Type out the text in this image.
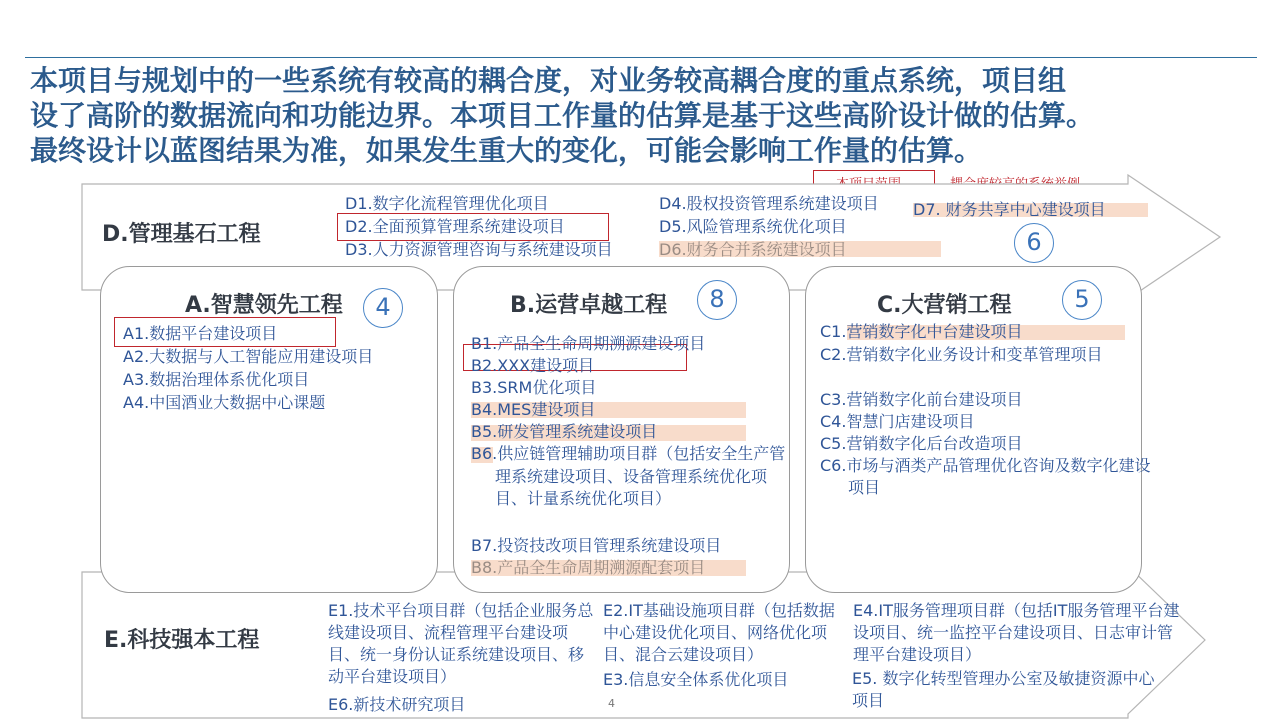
本项目与规划中的一些系统有较高的耦合度，对业务较高耦合度的重点系统，项目组
设了高阶的数据流向和功能边界。本项目工作量的估算是基于这些高阶设计做的估算。
最终设计以蓝图结果为准，如果发生重大的变化，可能会影响工作量的估算。
D.管理基石工程
D1.数字化流程管理优化项目
D2.全面预算管理系统建设项目
D3.人力资源管理咨询与系统建设项目
D4.股权投资管理系统建设项目
D5.风险管理系统优化项目
D6.财务合并系统建设项目
D7. 财务共享中心建设项目
6
E.科技强本工程
A.智慧领先工程	4
A1.数据平台建设项目
A2.大数据与人工智能应用建设项目
A3.数据治理体系优化项目
A4.中国酒业大数据中心课题
B.运营卓越工程	8
B1.产品全生命周期溯源建设项目
B2.XXX建设项目
B3.SRM优化项目
B4.MES建设项目
B5.研发管理系统建设项目
B6.供应链管理辅助项目群（包括安全生产管理系统建设项目、设备管理系统优化项目、计量系统优化项目）
B7.投资技改项目管理系统建设项目
B8.产品全生命周期溯源配套项目
C.大营销工程	5
C1.营销数字化中台建设项目
C2.营销数字化业务设计和变革管理项目
C3.营销数字化前台建设项目
C4.智慧门店建设项目
C5.营销数字化后台改造项目
C6.市场与酒类产品管理优化咨询及数字化建设项目
E1.技术平台项目群（包括企业服务总线建设项目、流程管理平台建设项目、统一身份认证系统建设项目、移动平台建设项目）
E2.IT基础设施项目群（包括数据中心建设优化项目、网络优化项目、混合云建设项目）
E3.信息安全体系优化项目
E4.IT服务管理项目群（包括IT服务管理平台建设项目、统一监控平台建设项目、日志审计管理平台建设项目）
E5. 数字化转型管理办公室及敏捷资源中心项目
E6.新技术研究项目	4
